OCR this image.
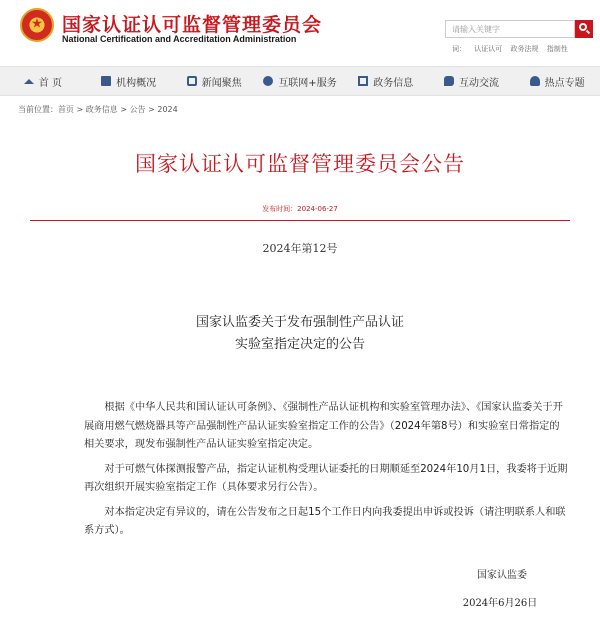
★ 国家认证认可监督管理委员会
National Certification and Accreditation Administration
请输入关键字
词： 认证认可 政务法规 指制性
首 页	机构概况	新闻聚焦	互联网+服务	政务信息	互动交流	热点专题
当前位置：首页 > 政务信息 > 公告 > 2024
国家认证认可监督管理委员会公告
发布时间：2024-06-27
2024年第12号
国家认监委关于发布强制性产品认证
实验室指定决定的公告

根据《中华人民共和国认证认可条例》、《强制性产品认证机构和实验室管理办法》、《国家认监委关于开展商用燃气燃烧器具等产品强制性产品认证实验室指定工作的公告》（2024年第8号）和实验室日常指定的相关要求，现发布强制性产品认证实验室指定决定。

对于可燃气体探测报警产品，指定认证机构受理认证委托的日期顺延至2024年10月1日，我委将于近期再次组织开展实验室指定工作（具体要求另行公告）。

对本指定决定有异议的，请在公告发布之日起15个工作日内向我委提出申诉或投诉（请注明联系人和联系方式）。

国家认监委
2024年6月26日
